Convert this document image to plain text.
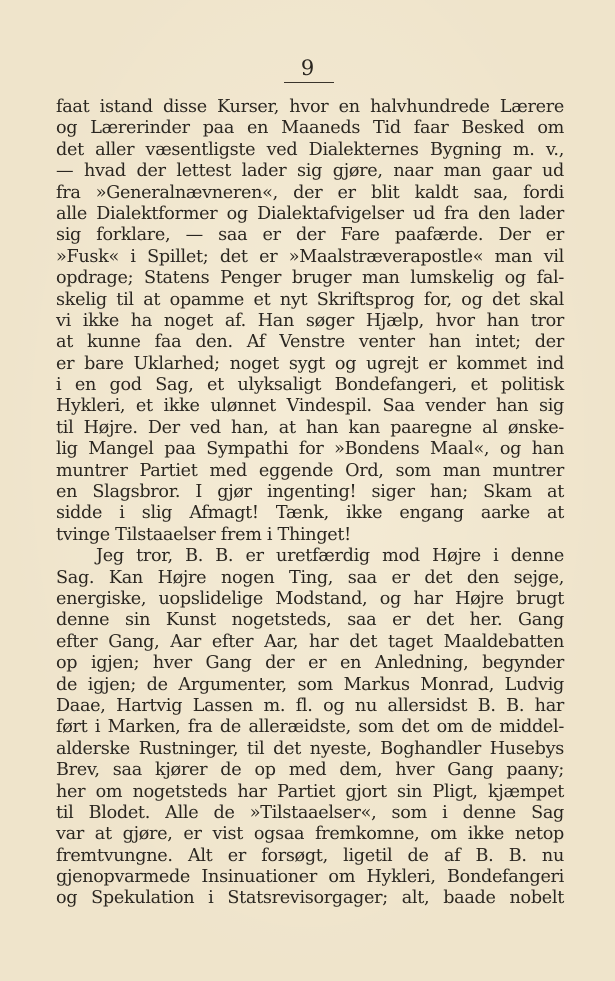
9
faat istand disse Kurser, hvor en halvhundrede Lærere
og Lærerinder paa en Maaneds Tid faar Besked om
det aller væsentligste ved Dialekternes Bygning m. v.,
— hvad der lettest lader sig gjøre, naar man gaar ud
fra »Generalnævneren«, der er blit kaldt saa, fordi
alle Dialektformer og Dialektafvigelser ud fra den lader
sig forklare, — saa er der Fare paafærde. Der er
»Fusk« i Spillet; det er »Maalstræverapostle« man vil
opdrage; Statens Penger bruger man lumskelig og fal-
skelig til at opamme et nyt Skriftsprog for, og det skal
vi ikke ha noget af. Han søger Hjælp, hvor han tror
at kunne faa den. Af Venstre venter han intet; der
er bare Uklarhed; noget sygt og ugrejt er kommet ind
i en god Sag, et ulyksaligt Bondefangeri, et politisk
Hykleri, et ikke ulønnet Vindespil. Saa vender han sig
til Højre. Der ved han, at han kan paaregne al ønske-
lig Mangel paa Sympathi for »Bondens Maal«, og han
muntrer Partiet med eggende Ord, som man muntrer
en Slagsbror. I gjør ingenting! siger han; Skam at
sidde i slig Afmagt! Tænk, ikke engang aarke at
tvinge Tilstaaelser frem i Thinget!
Jeg tror, B. B. er uretfærdig mod Højre i denne
Sag. Kan Højre nogen Ting, saa er det den sejge,
energiske, uopslidelige Modstand, og har Højre brugt
denne sin Kunst nogetsteds, saa er det her. Gang
efter Gang, Aar efter Aar, har det taget Maaldebatten
op igjen; hver Gang der er en Anledning, begynder
de igjen; de Argumenter, som Markus Monrad, Ludvig
Daae, Hartvig Lassen m. fl. og nu allersidst B. B. har
ført i Marken, fra de alleræidste, som det om de middel-
alderske Rustninger, til det nyeste, Boghandler Husebys
Brev, saa kjører de op med dem, hver Gang paany;
her om nogetsteds har Partiet gjort sin Pligt, kjæmpet
til Blodet. Alle de »Tilstaaelser«, som i denne Sag
var at gjøre, er vist ogsaa fremkomne, om ikke netop
fremtvungne. Alt er forsøgt, ligetil de af B. B. nu
gjenopvarmede Insinuationer om Hykleri, Bondefangeri
og Spekulation i Statsrevisorgager; alt, baade nobelt
